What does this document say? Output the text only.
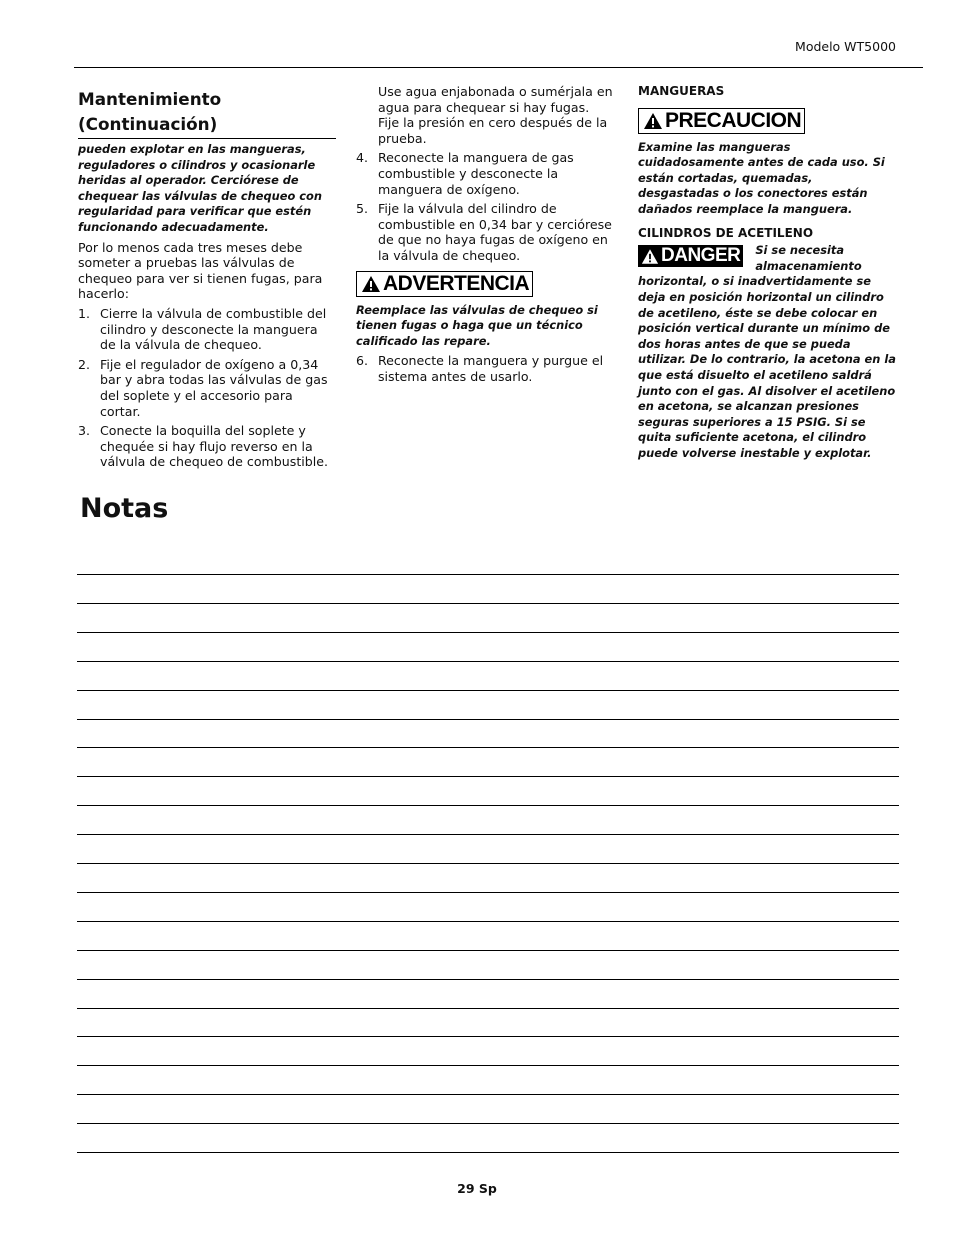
Modelo WT5000
Mantenimiento
(Continuación)

pueden explotar en las mangueras, reguladores o cilindros y ocasionarle heridas al operador. Cerciórese de chequear las válvulas de chequeo con regularidad para verificar que estén funcionando adecuadamente.

Por lo menos cada tres meses debe someter a pruebas las válvulas de chequeo para ver si tienen fugas, para hacerlo:

1. Cierre la válvula de combustible del cilindro y desconecte la manguera de la válvula de chequeo.
2. Fije el regulador de oxígeno a 0,34 bar y abra todas las válvulas de gas del soplete y el accesorio para cortar.
3. Conecte la boquilla del soplete y chequée si hay flujo reverso en la válvula de chequeo de combustible.

Use agua enjabonada o sumérjala en agua para chequear si hay fugas. Fije la presión en cero después de la prueba.

4. Reconecte la manguera de gas combustible y desconecte la manguera de oxígeno.
5. Fije la válvula del cilindro de combustible en 0,34 bar y cerciórese de que no haya fugas de oxígeno en la válvula de chequeo.
ADVERTENCIA

Reemplace las válvulas de chequeo si tienen fugas o haga que un técnico calificado las repare.

6. Reconecte la manguera y purgue el sistema antes de usarlo.
MANGUERAS
PRECAUCION

Examine las mangueras cuidadosamente antes de cada uso. Si están cortadas, quemadas, desgastadas o los conectores están dañados reemplace la manguera.

CILINDROS DE ACETILENO
DANGER	Si se necesita almacenamiento horizontal, o si inadvertidamente se deja en posición horizontal un cilindro de acetileno, éste se debe colocar en posición vertical durante un mínimo de dos horas antes de que se pueda utilizar. De lo contrario, la acetona en la que está disuelto el acetileno saldrá junto con el gas. Al disolver el acetileno en acetona, se alcanzan presiones seguras superiores a 15 PSIG. Si se quita suficiente acetona, el cilindro puede volverse inestable y explotar.

Notas
29 Sp
